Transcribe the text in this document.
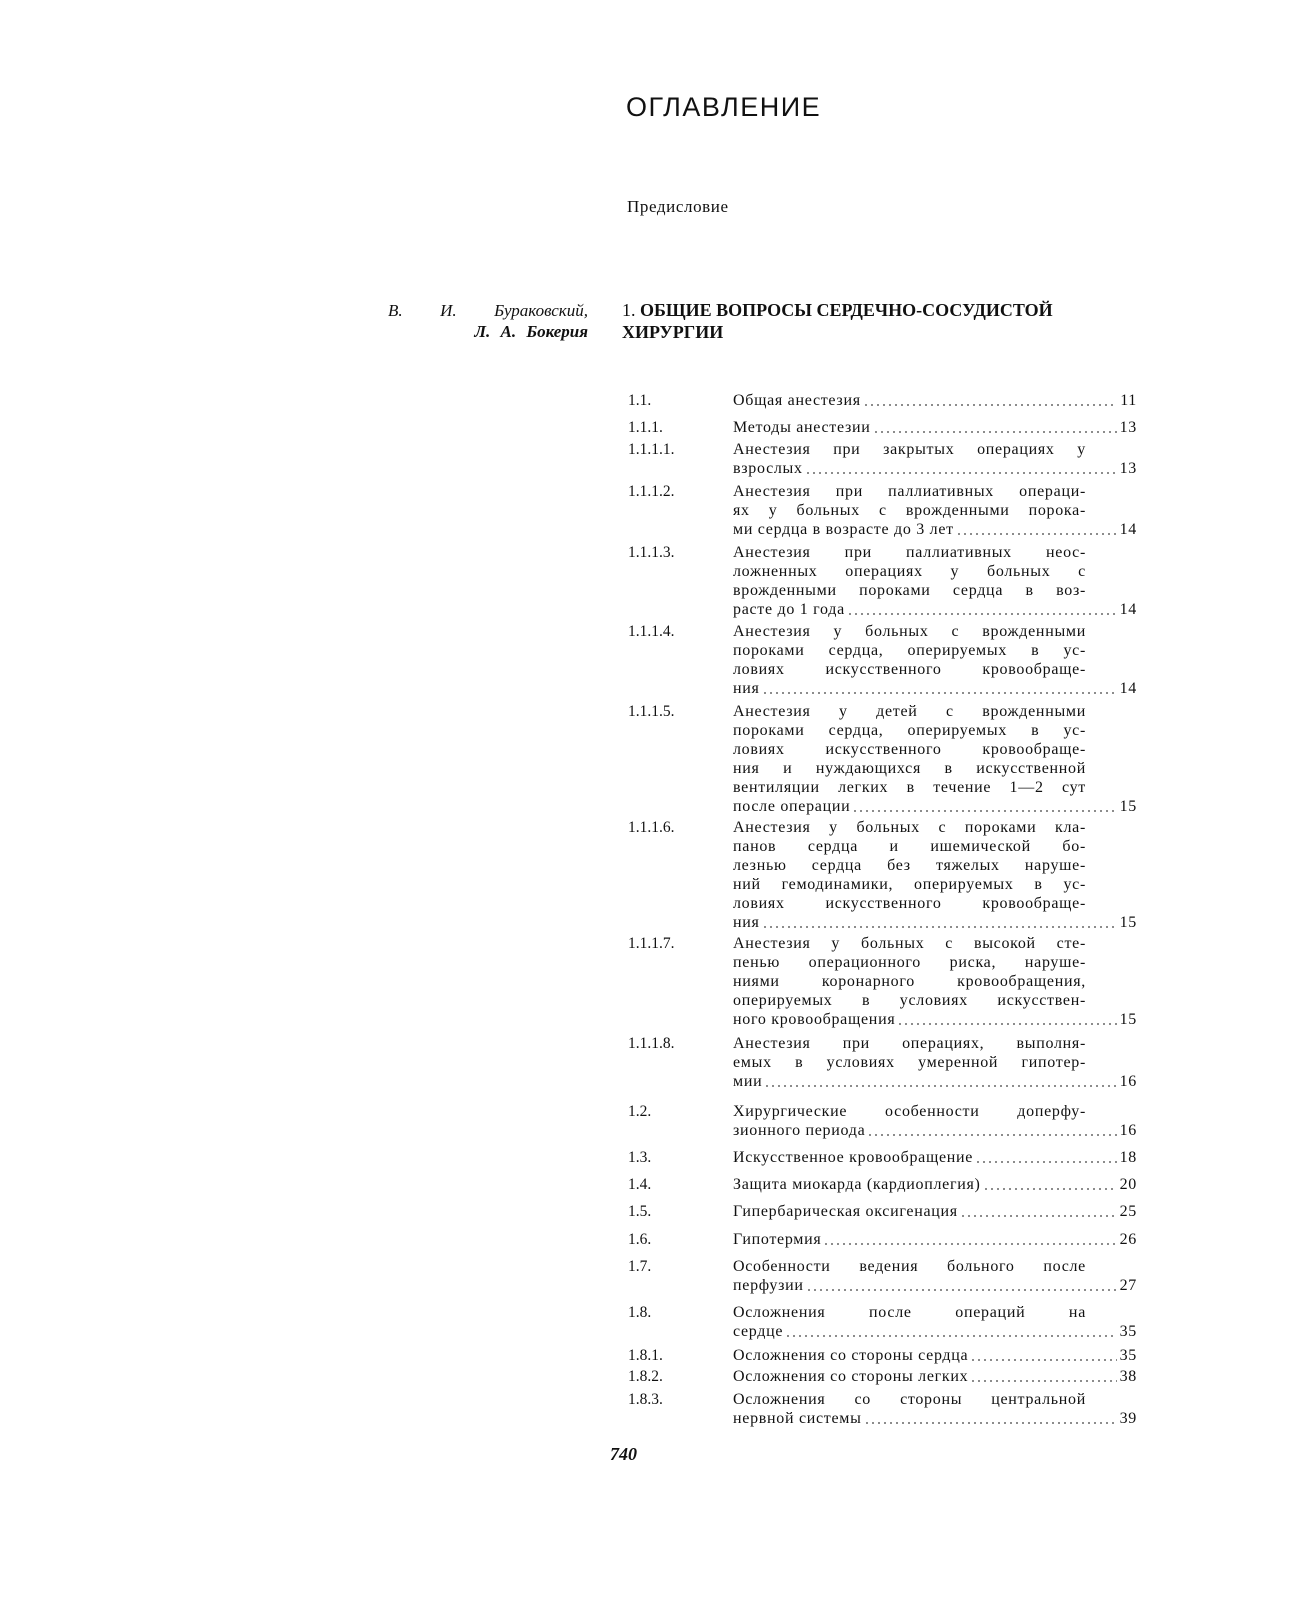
ОГЛАВЛЕНИЕ
Предисловие
В. И. Бураковский,
Л. А. Бокерия
1. ОБЩИЕ ВОПРОСЫ СЕРДЕЧНО-СОСУДИСТОЙ ХИРУРГИИ
1.1.	Общая анестезия	11
1.1.1.	Методы анестезии	13
1.1.1.1.	Анестезия при закрытых операциях у
взрослых	13
1.1.1.2.	Анестезия при паллиативных операци-
ях у больных с врожденными порока-
ми сердца в возрасте до 3 лет	14
1.1.1.3.	Анестезия при паллиативных неос-
ложненных операциях у больных с
врожденными пороками сердца в воз-
расте до 1 года	14
1.1.1.4.	Анестезия у больных с врожденными
пороками сердца, оперируемых в ус-
ловиях искусственного кровообраще-
ния	14
1.1.1.5.	Анестезия у детей с врожденными
пороками сердца, оперируемых в ус-
ловиях искусственного кровообраще-
ния и нуждающихся в искусственной
вентиляции легких в течение 1—2 сут
после операции	15
1.1.1.6.	Анестезия у больных с пороками кла-
панов сердца и ишемической бо-
лезнью сердца без тяжелых наруше-
ний гемодинамики, оперируемых в ус-
ловиях искусственного кровообраще-
ния	15
1.1.1.7.	Анестезия у больных с высокой сте-
пенью операционного риска, наруше-
ниями коронарного кровообращения,
оперируемых в условиях искусствен-
ного кровообращения	15
1.1.1.8.	Анестезия при операциях, выполня-
емых в условиях умеренной гипотер-
мии	16
1.2.	Хирургические особенности доперфу-
зионного периода	16
1.3.	Искусственное кровообращение	18
1.4.	Защита миокарда (кардиоплегия)	20
1.5.	Гипербарическая оксигенация	25
1.6.	Гипотермия	26
1.7.	Особенности ведения больного после
перфузии	27
1.8.	Осложнения после операций на
сердце	35
1.8.1.	Осложнения со стороны сердца	35
1.8.2.	Осложнения со стороны легких	38
1.8.3.	Осложнения со стороны центральной
нервной системы	39
740
